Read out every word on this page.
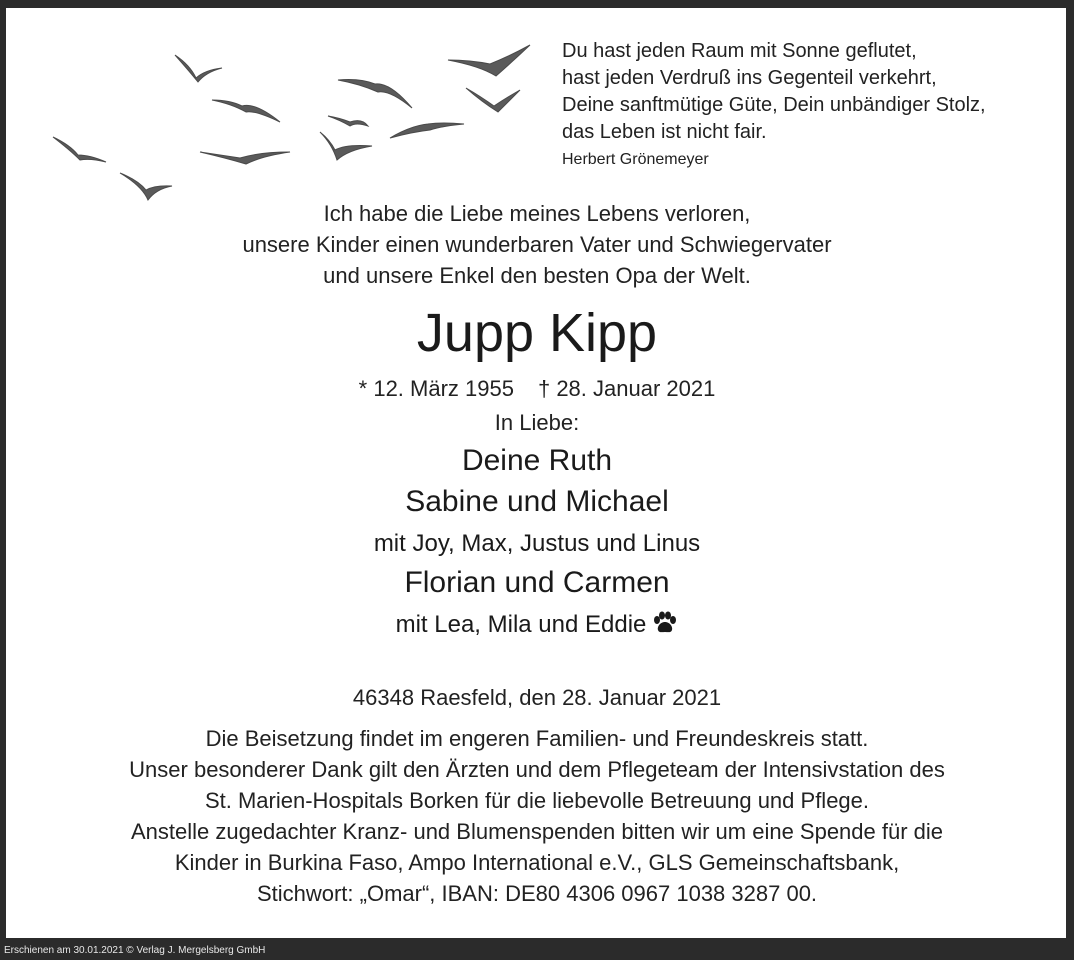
Du hast jeden Raum mit Sonne geflutet,
hast jeden Verdruß ins Gegenteil verkehrt,
Deine sanftmütige Güte, Dein unbändiger Stolz,
das Leben ist nicht fair.
Herbert Grönemeyer
Ich habe die Liebe meines Lebens verloren,
unsere Kinder einen wunderbaren Vater und Schwiegervater
und unsere Enkel den besten Opa der Welt.
Jupp Kipp
* 12. März 1955 † 28. Januar 2021
In Liebe:
Deine Ruth
Sabine und Michael
mit Joy, Max, Justus und Linus
Florian und Carmen
mit Lea, Mila und Eddie
46348 Raesfeld, den 28. Januar 2021
Die Beisetzung findet im engeren Familien- und Freundeskreis statt.
Unser besonderer Dank gilt den Ärzten und dem Pflegeteam der Intensivstation des
St. Marien-Hospitals Borken für die liebevolle Betreuung und Pflege.
Anstelle zugedachter Kranz- und Blumenspenden bitten wir um eine Spende für die
Kinder in Burkina Faso, Ampo International e.V., GLS Gemeinschaftsbank,
Stichwort: „Omar“, IBAN: DE80 4306 0967 1038 3287 00.
Erschienen am 30.01.2021 © Verlag J. Mergelsberg GmbH
